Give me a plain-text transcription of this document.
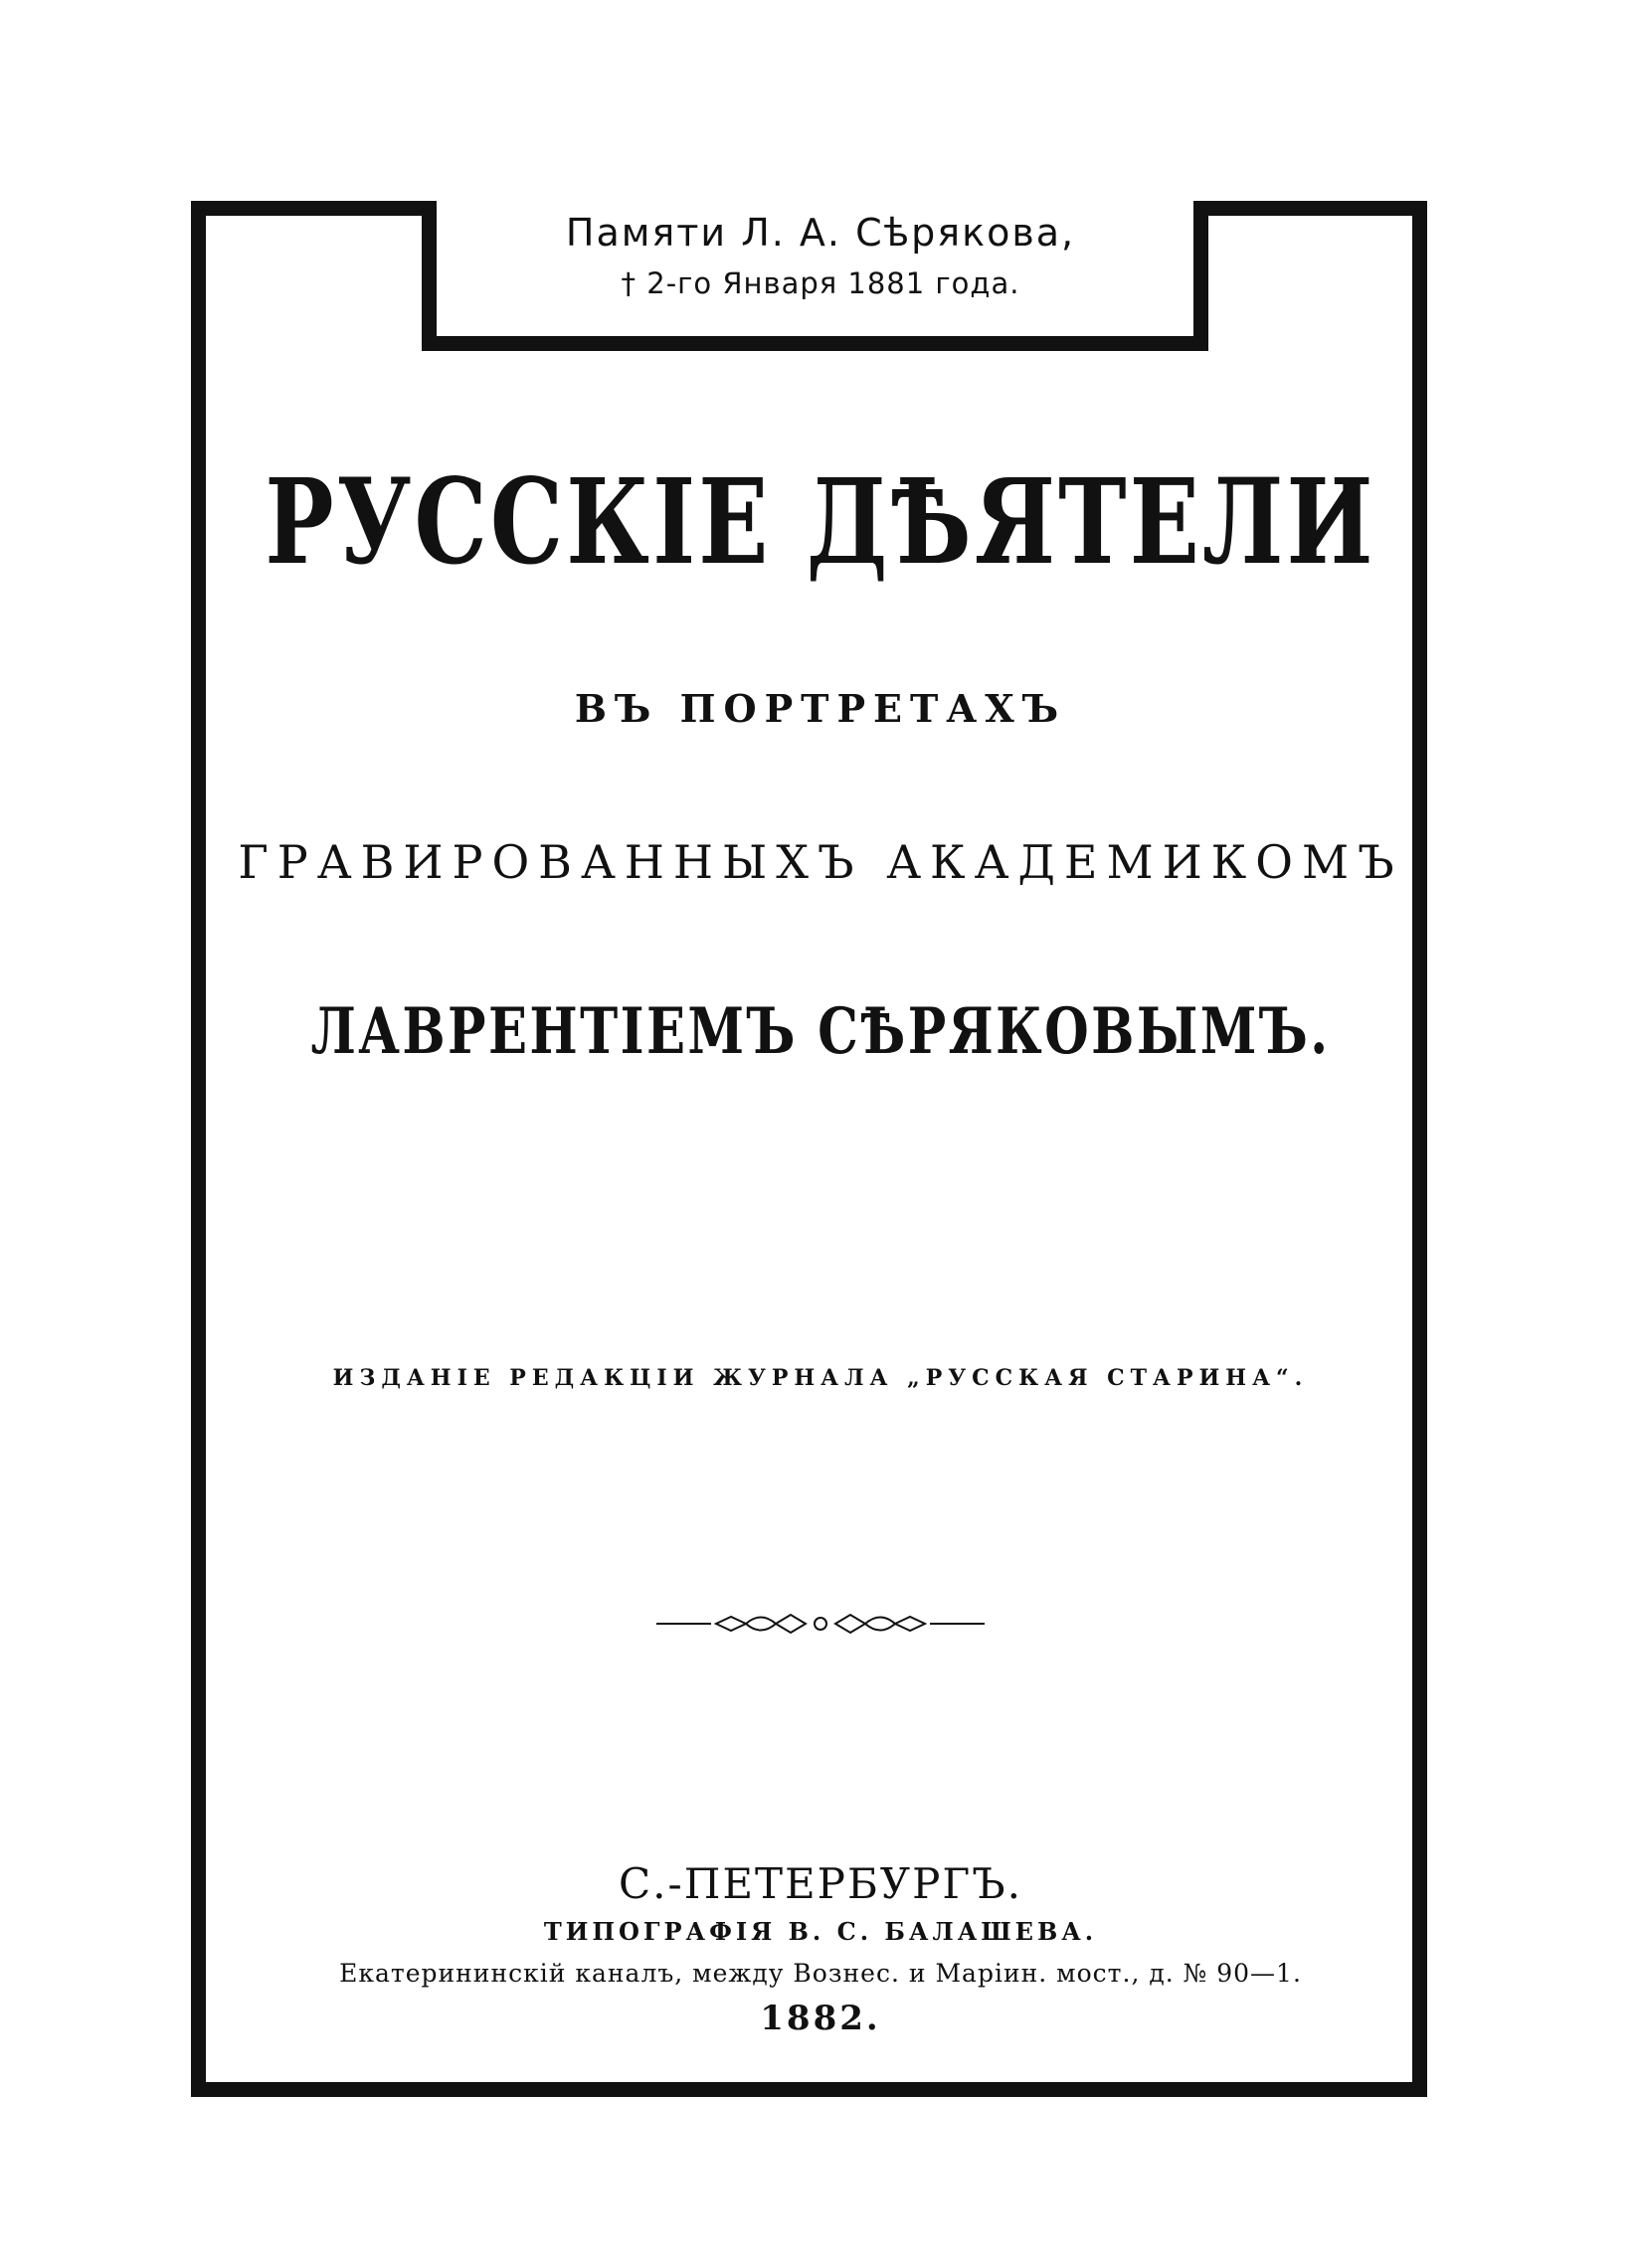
Памяти Л. А. Сѣрякова,
† 2-го Января 1881 года.
РУССКІЕ ДѢЯТЕЛИ
ВЪ ПОРТРЕТАХЪ
ГРАВИРОВАННЫХЪ АКАДЕМИКОМЪ
ЛАВРЕНТІЕМЪ СѢРЯКОВЫМЪ.
ИЗДАНІЕ РЕДАКЦІИ ЖУРНАЛА „РУССКАЯ СТАРИНА“.
С.-ПЕТЕРБУРГЪ.
ТИПОГРАФІЯ В. С. БАЛАШЕВА.
Екатерининскій каналъ, между Вознес. и Маріин. мост., д. № 90—1.
1882.
